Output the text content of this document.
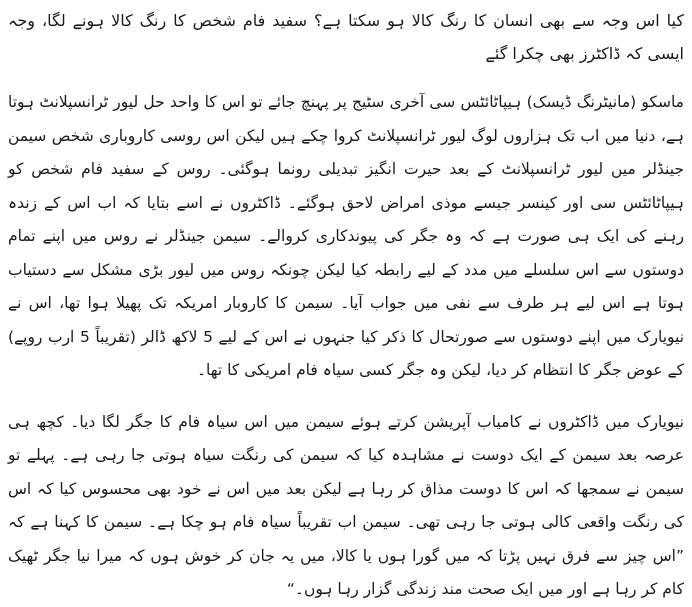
کیا اس وجہ سے بھی انسان کا رنگ کالا ہو سکتا ہے؟ سفید فام شخص کا رنگ کالا ہونے لگا، وجہ ایسی کہ ڈاکٹرز بھی چکرا گئے

ماسکو (مانیٹرنگ ڈیسک) ہیپاٹائٹس سی آخری سٹیج پر پہنچ جائے تو اس کا واحد حل لیور ٹرانسپلانٹ ہوتا ہے، دنیا میں اب تک ہزاروں لوگ لیور ٹرانسپلانٹ کروا چکے ہیں لیکن اس روسی کاروباری شخص سیمن جینڈلر میں لیور ٹرانسپلانٹ کے بعد حیرت انگیز تبدیلی رونما ہوگئی۔ روس کے سفید فام شخص کو ہیپاٹائٹس سی اور کینسر جیسے موذی امراض لاحق ہوگئے۔ ڈاکٹروں نے اسے بتایا کہ اب اس کے زندہ رہنے کی ایک ہی صورت ہے کہ وہ جگر کی پیوندکاری کروالے۔ سیمن جینڈلر نے روس میں اپنے تمام دوستوں سے اس سلسلے میں مدد کے لیے رابطہ کیا لیکن چونکہ روس میں لیور بڑی مشکل سے دستیاب ہوتا ہے اس لیے ہر طرف سے نفی میں جواب آیا۔ سیمن کا کاروبار امریکہ تک پھیلا ہوا تھا، اس نے نیویارک میں اپنے دوستوں سے صورتحال کا ذکر کیا جنہوں نے اس کے لیے 5 لاکھ ڈالر (تقریباً 5 ارب روپے) کے عوض جگر کا انتظام کر دیا، لیکن وہ جگر کسی سیاہ فام امریکی کا تھا۔

نیویارک میں ڈاکٹروں نے کامیاب آپریشن کرتے ہوئے سیمن میں اس سیاہ فام کا جگر لگا دیا۔ کچھ ہی عرصہ بعد سیمن کے ایک دوست نے مشاہدہ کیا کہ سیمن کی رنگت سیاہ ہوتی جا رہی ہے۔ پہلے تو سیمن نے سمجھا کہ اس کا دوست مذاق کر رہا ہے لیکن بعد میں اس نے خود بھی محسوس کیا کہ اس کی رنگت واقعی کالی ہوتی جا رہی تھی۔ سیمن اب تقریباً سیاہ فام ہو چکا ہے۔ سیمن کا کہنا ہے کہ ”اس چیز سے فرق نہیں پڑتا کہ میں گورا ہوں یا کالا، میں یہ جان کر خوش ہوں کہ میرا نیا جگر ٹھیک کام کر رہا ہے اور میں ایک صحت مند زندگی گزار رہا ہوں۔“
